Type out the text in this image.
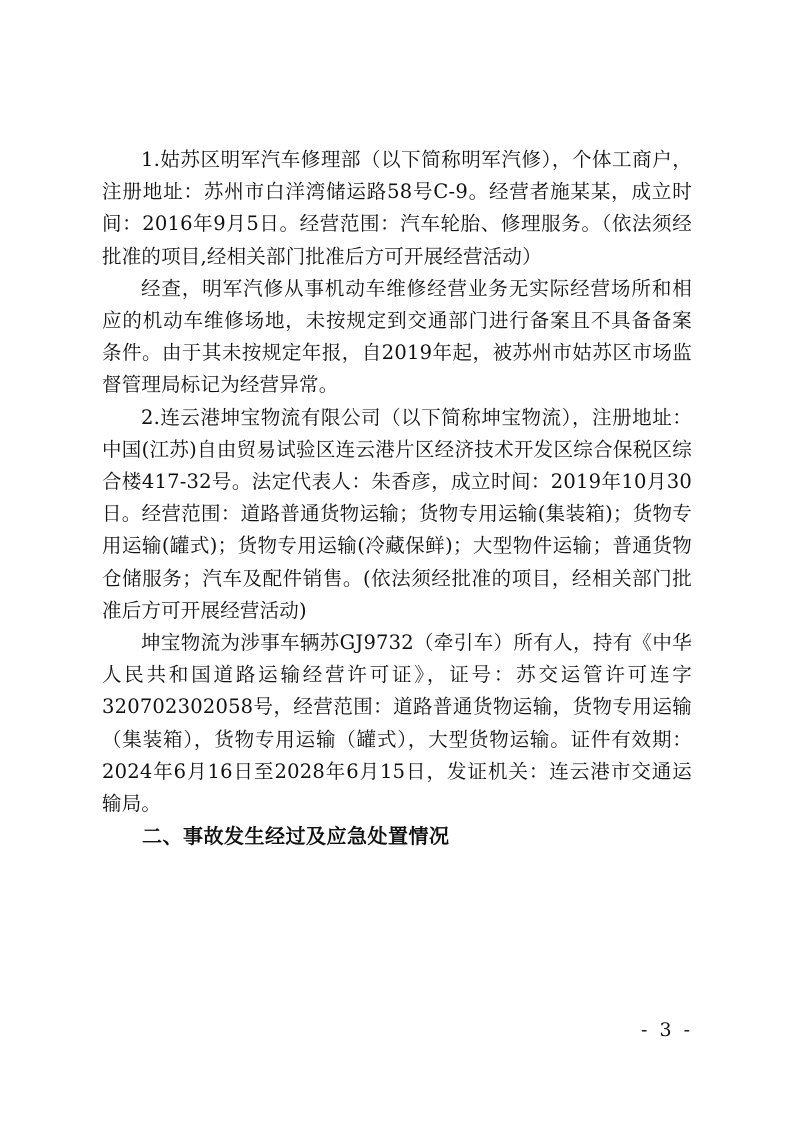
1.姑苏区明军汽车修理部（以下简称明军汽修），个体工商户，注册地址：苏州市白洋湾储运路58号C-9。经营者施某某，成立时间：2016年9月5日。经营范围：汽车轮胎、修理服务。（依法须经批准的项目,经相关部门批准后方可开展经营活动）

经查，明军汽修从事机动车维修经营业务无实际经营场所和相应的机动车维修场地，未按规定到交通部门进行备案且不具备备案条件。由于其未按规定年报，自2019年起，被苏州市姑苏区市场监督管理局标记为经营异常。

2.连云港坤宝物流有限公司（以下简称坤宝物流），注册地址：中国(江苏)自由贸易试验区连云港片区经济技术开发区综合保税区综合楼417-32号。法定代表人：朱香彦，成立时间：2019年10月30日。经营范围：道路普通货物运输；货物专用运输(集装箱)；货物专用运输(罐式)；货物专用运输(冷藏保鲜)；大型物件运输；普通货物仓储服务；汽车及配件销售。(依法须经批准的项目，经相关部门批准后方可开展经营活动)

坤宝物流为涉事车辆苏GJ9732（牵引车）所有人，持有《中华人民共和国道路运输经营许可证》，证号：苏交运管许可连字320702302058号，经营范围：道路普通货物运输，货物专用运输（集装箱），货物专用运输（罐式），大型货物运输。证件有效期：2024年6月16日至2028年6月15日，发证机关：连云港市交通运输局。

二、事故发生经过及应急处置情况

- 3 -
